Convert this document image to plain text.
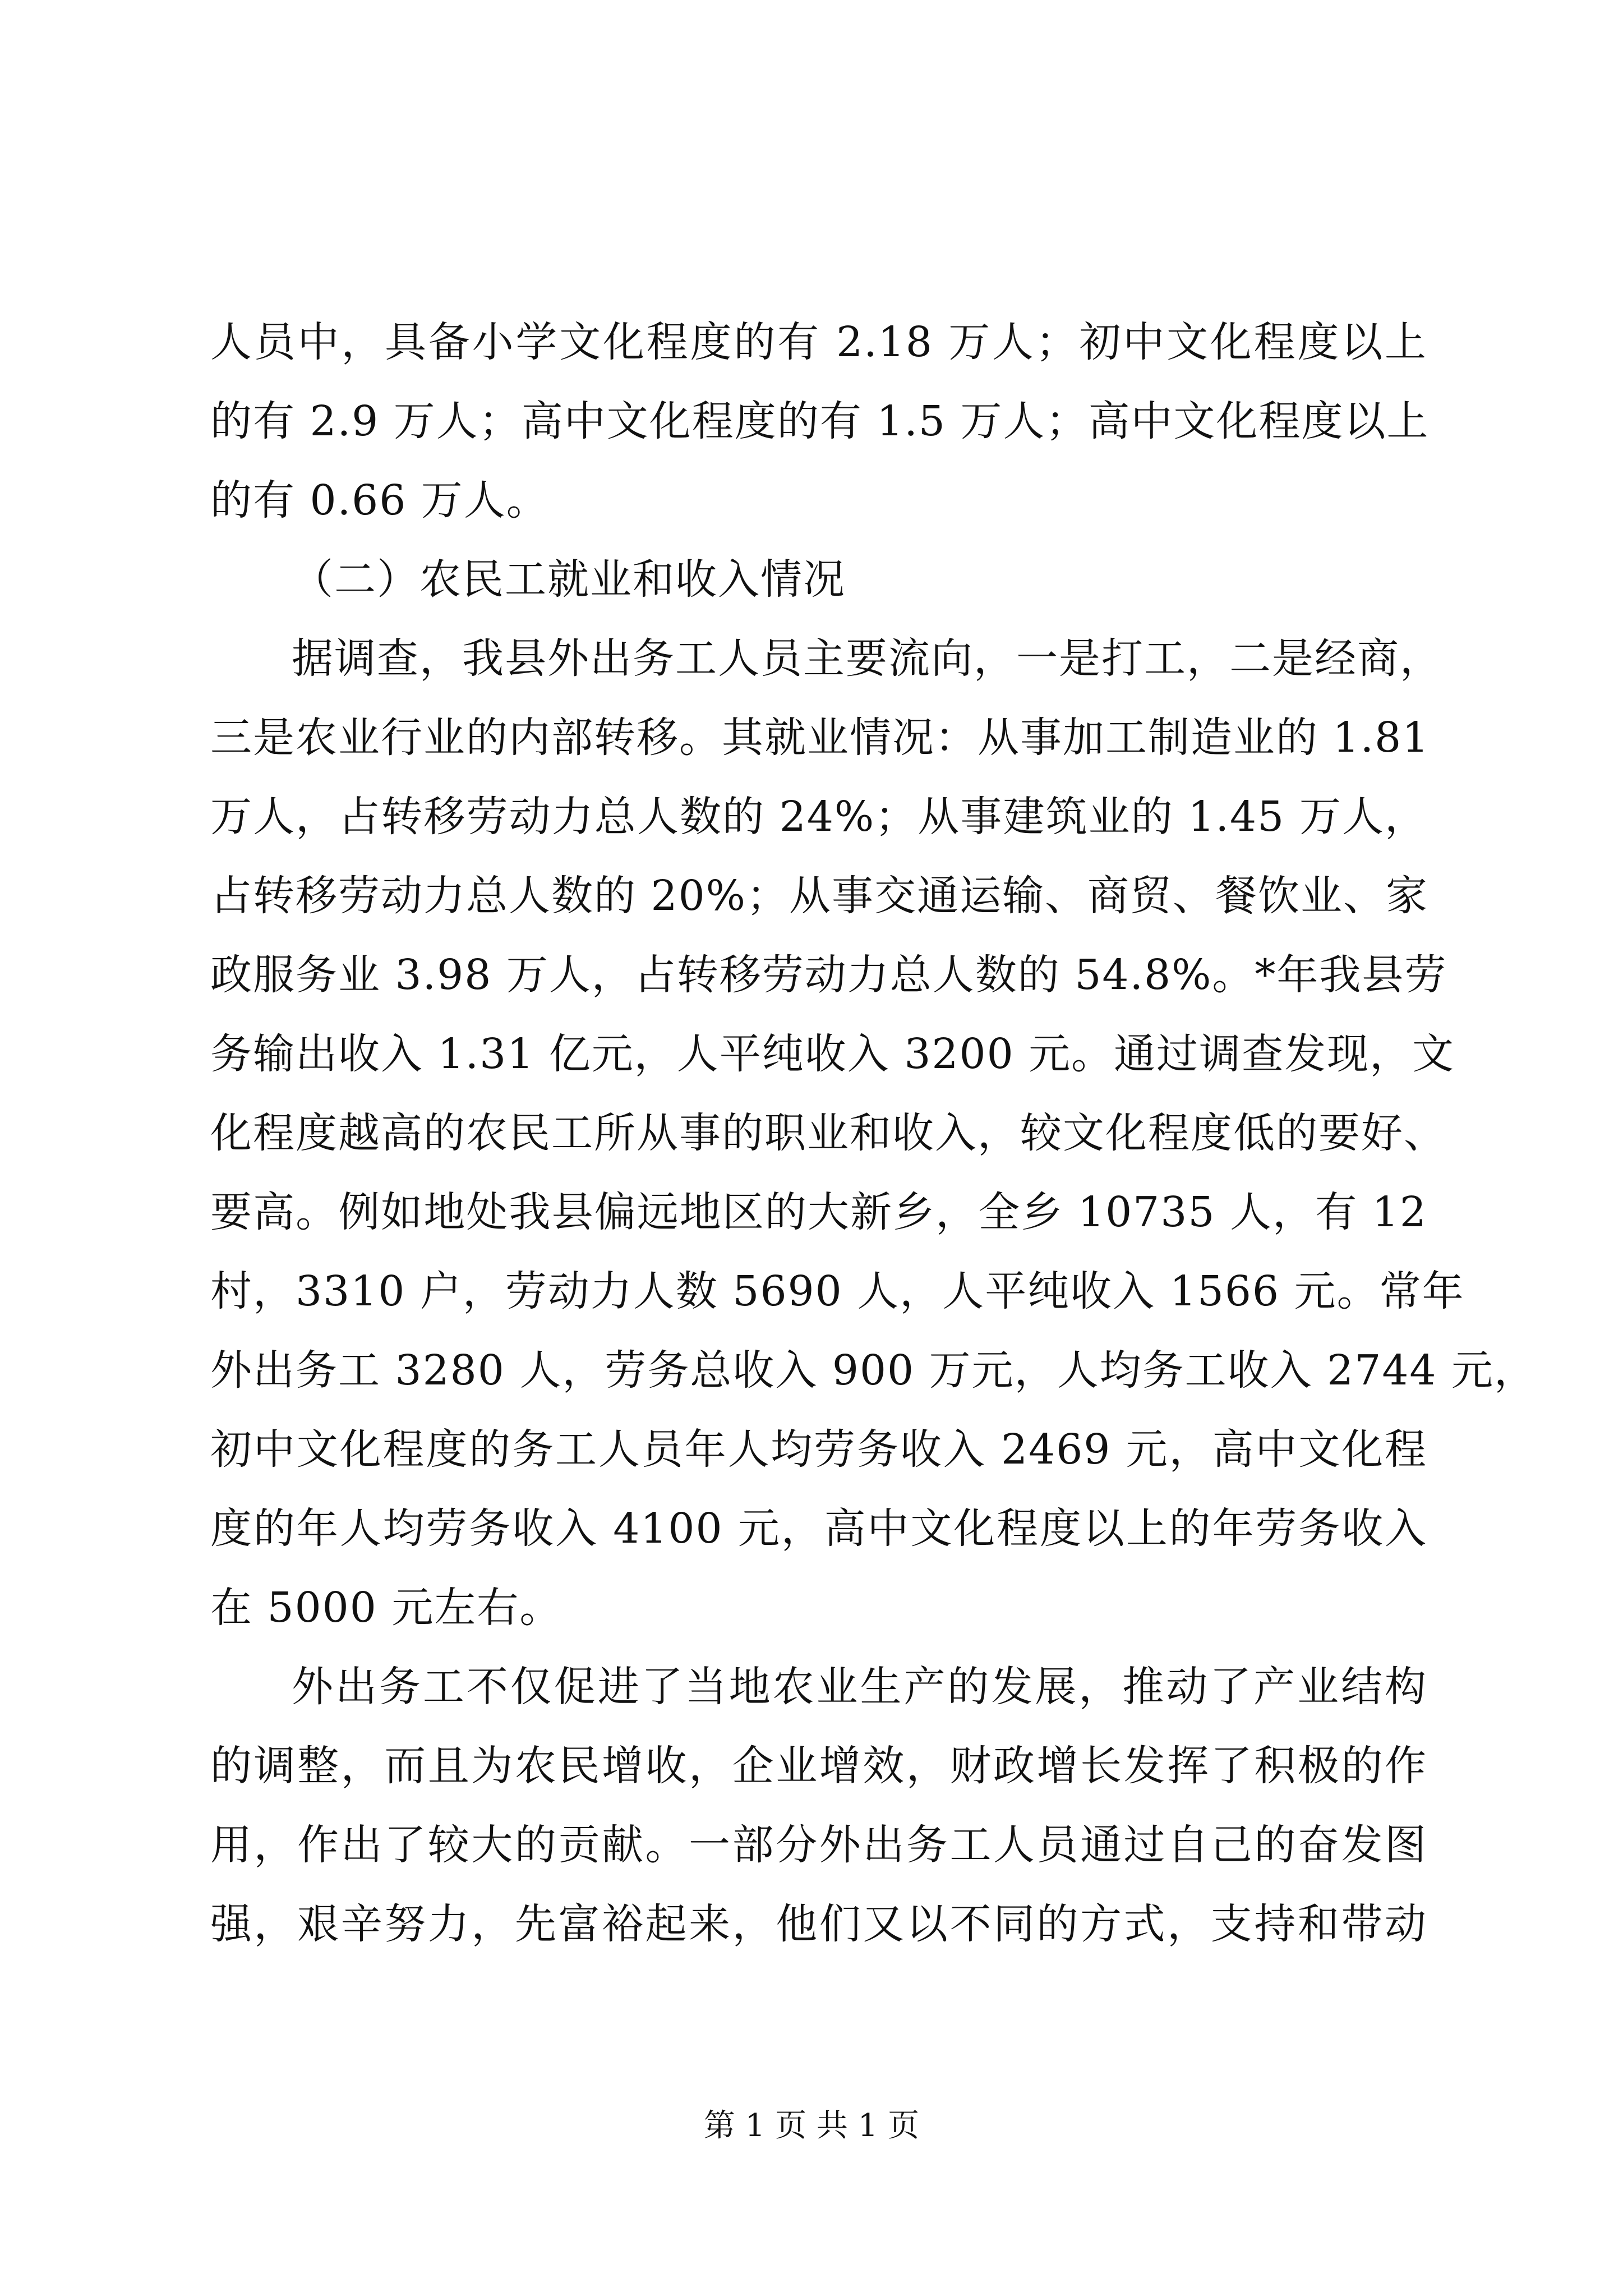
人员中，具备小学文化程度的有 2.18 万人；初中文化程度以上
的有 2.9 万人；高中文化程度的有 1.5 万人；高中文化程度以上
的有 0.66 万人。
（二）农民工就业和收入情况
据调查，我县外出务工人员主要流向，一是打工，二是经商，
三是农业行业的内部转移。其就业情况：从事加工制造业的 1.81
万人，占转移劳动力总人数的 24%；从事建筑业的 1.45 万人，
占转移劳动力总人数的 20%；从事交通运输、商贸、餐饮业、家
政服务业 3.98 万人，占转移劳动力总人数的 54.8%。*年我县劳
务输出收入 1.31 亿元，人平纯收入 3200 元。通过调查发现，文
化程度越高的农民工所从事的职业和收入，较文化程度低的要好、
要高。例如地处我县偏远地区的大新乡，全乡 10735 人，有 12
村，3310 户，劳动力人数 5690 人，人平纯收入 1566 元。常年
外出务工 3280 人，劳务总收入 900 万元，人均务工收入 2744 元，
初中文化程度的务工人员年人均劳务收入 2469 元，高中文化程
度的年人均劳务收入 4100 元，高中文化程度以上的年劳务收入
在 5000 元左右。
外出务工不仅促进了当地农业生产的发展，推动了产业结构
的调整，而且为农民增收，企业增效，财政增长发挥了积极的作
用，作出了较大的贡献。一部分外出务工人员通过自己的奋发图
强，艰辛努力，先富裕起来，他们又以不同的方式，支持和带动
第 1 页 共 1 页
